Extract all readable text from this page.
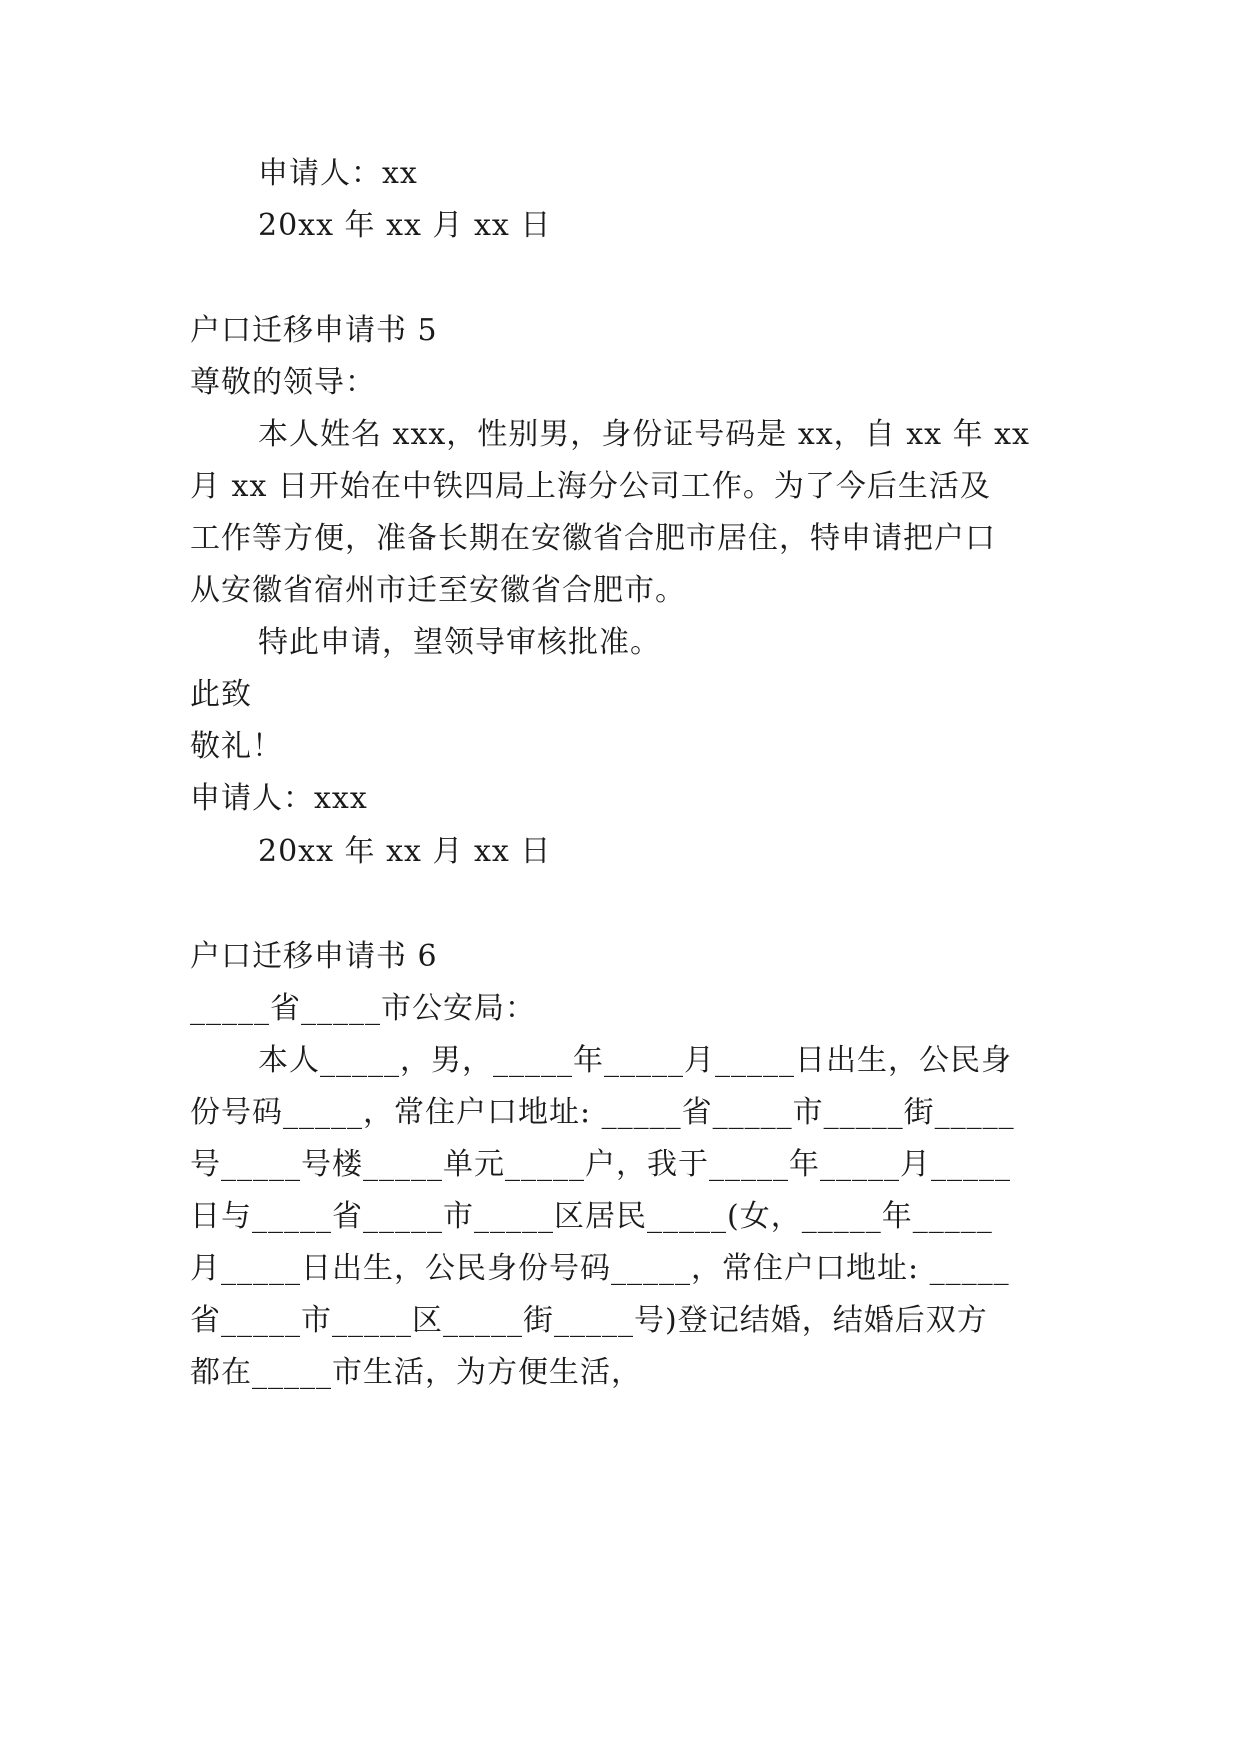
申请人：xx
20xx 年 xx 月 xx 日
户口迁移申请书 5
尊敬的领导：
本人姓名 xxx，性别男，身份证号码是 xx，自 xx 年 xx
月 xx 日开始在中铁四局上海分公司工作。为了今后生活及
工作等方便，准备长期在安徽省合肥市居住，特申请把户口
从安徽省宿州市迁至安徽省合肥市。
特此申请，望领导审核批准。
此致
敬礼！
申请人：xxx
20xx 年 xx 月 xx 日
户口迁移申请书 6
_____省_____市公安局：
本人_____，男，_____年_____月_____日出生，公民身
份号码_____，常住户口地址: _____省_____市_____街_____
号_____号楼_____单元_____户，我于_____年_____月_____
日与_____省_____市_____区居民_____(女，_____年_____
月_____日出生，公民身份号码_____，常住户口地址: _____
省_____市_____区_____街_____号)登记结婚，结婚后双方
都在_____市生活，为方便生活，
